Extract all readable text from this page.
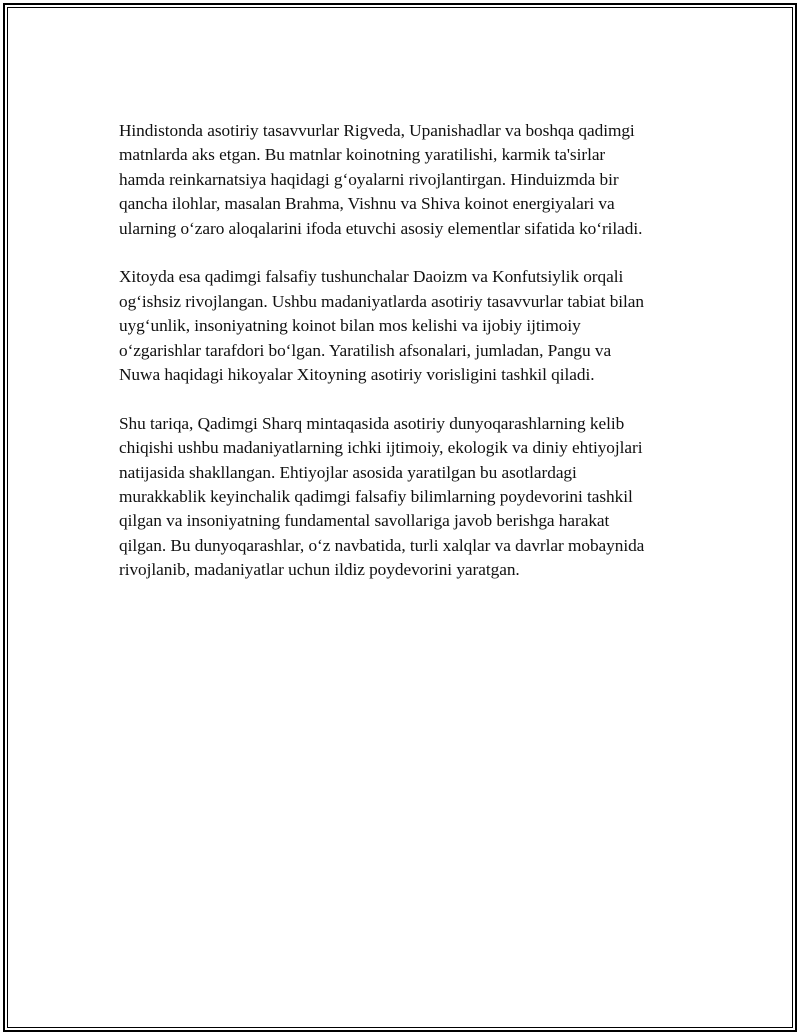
Hindistonda asotiriy tasavvurlar Rigveda, Upanishadlar va boshqa qadimgi
matnlarda aks etgan. Bu matnlar koinotning yaratilishi, karmik ta'sirlar
hamda reinkarnatsiya haqidagi g‘oyalarni rivojlantirgan. Hinduizmda bir
qancha ilohlar, masalan Brahma, Vishnu va Shiva koinot energiyalari va
ularning o‘zaro aloqalarini ifoda etuvchi asosiy elementlar sifatida ko‘riladi.

Xitoyda esa qadimgi falsafiy tushunchalar Daoizm va Konfutsiylik orqali
og‘ishsiz rivojlangan. Ushbu madaniyatlarda asotiriy tasavvurlar tabiat bilan
uyg‘unlik, insoniyatning koinot bilan mos kelishi va ijobiy ijtimoiy
o‘zgarishlar tarafdori bo‘lgan. Yaratilish afsonalari, jumladan, Pangu va
Nuwa haqidagi hikoyalar Xitoyning asotiriy vorisligini tashkil qiladi.

Shu tariqa, Qadimgi Sharq mintaqasida asotiriy dunyoqarashlarning kelib
chiqishi ushbu madaniyatlarning ichki ijtimoiy, ekologik va diniy ehtiyojlari
natijasida shakllangan. Ehtiyojlar asosida yaratilgan bu asotlardagi
murakkablik keyinchalik qadimgi falsafiy bilimlarning poydevorini tashkil
qilgan va insoniyatning fundamental savollariga javob berishga harakat
qilgan. Bu dunyoqarashlar, o‘z navbatida, turli xalqlar va davrlar mobaynida
rivojlanib, madaniyatlar uchun ildiz poydevorini yaratgan.
